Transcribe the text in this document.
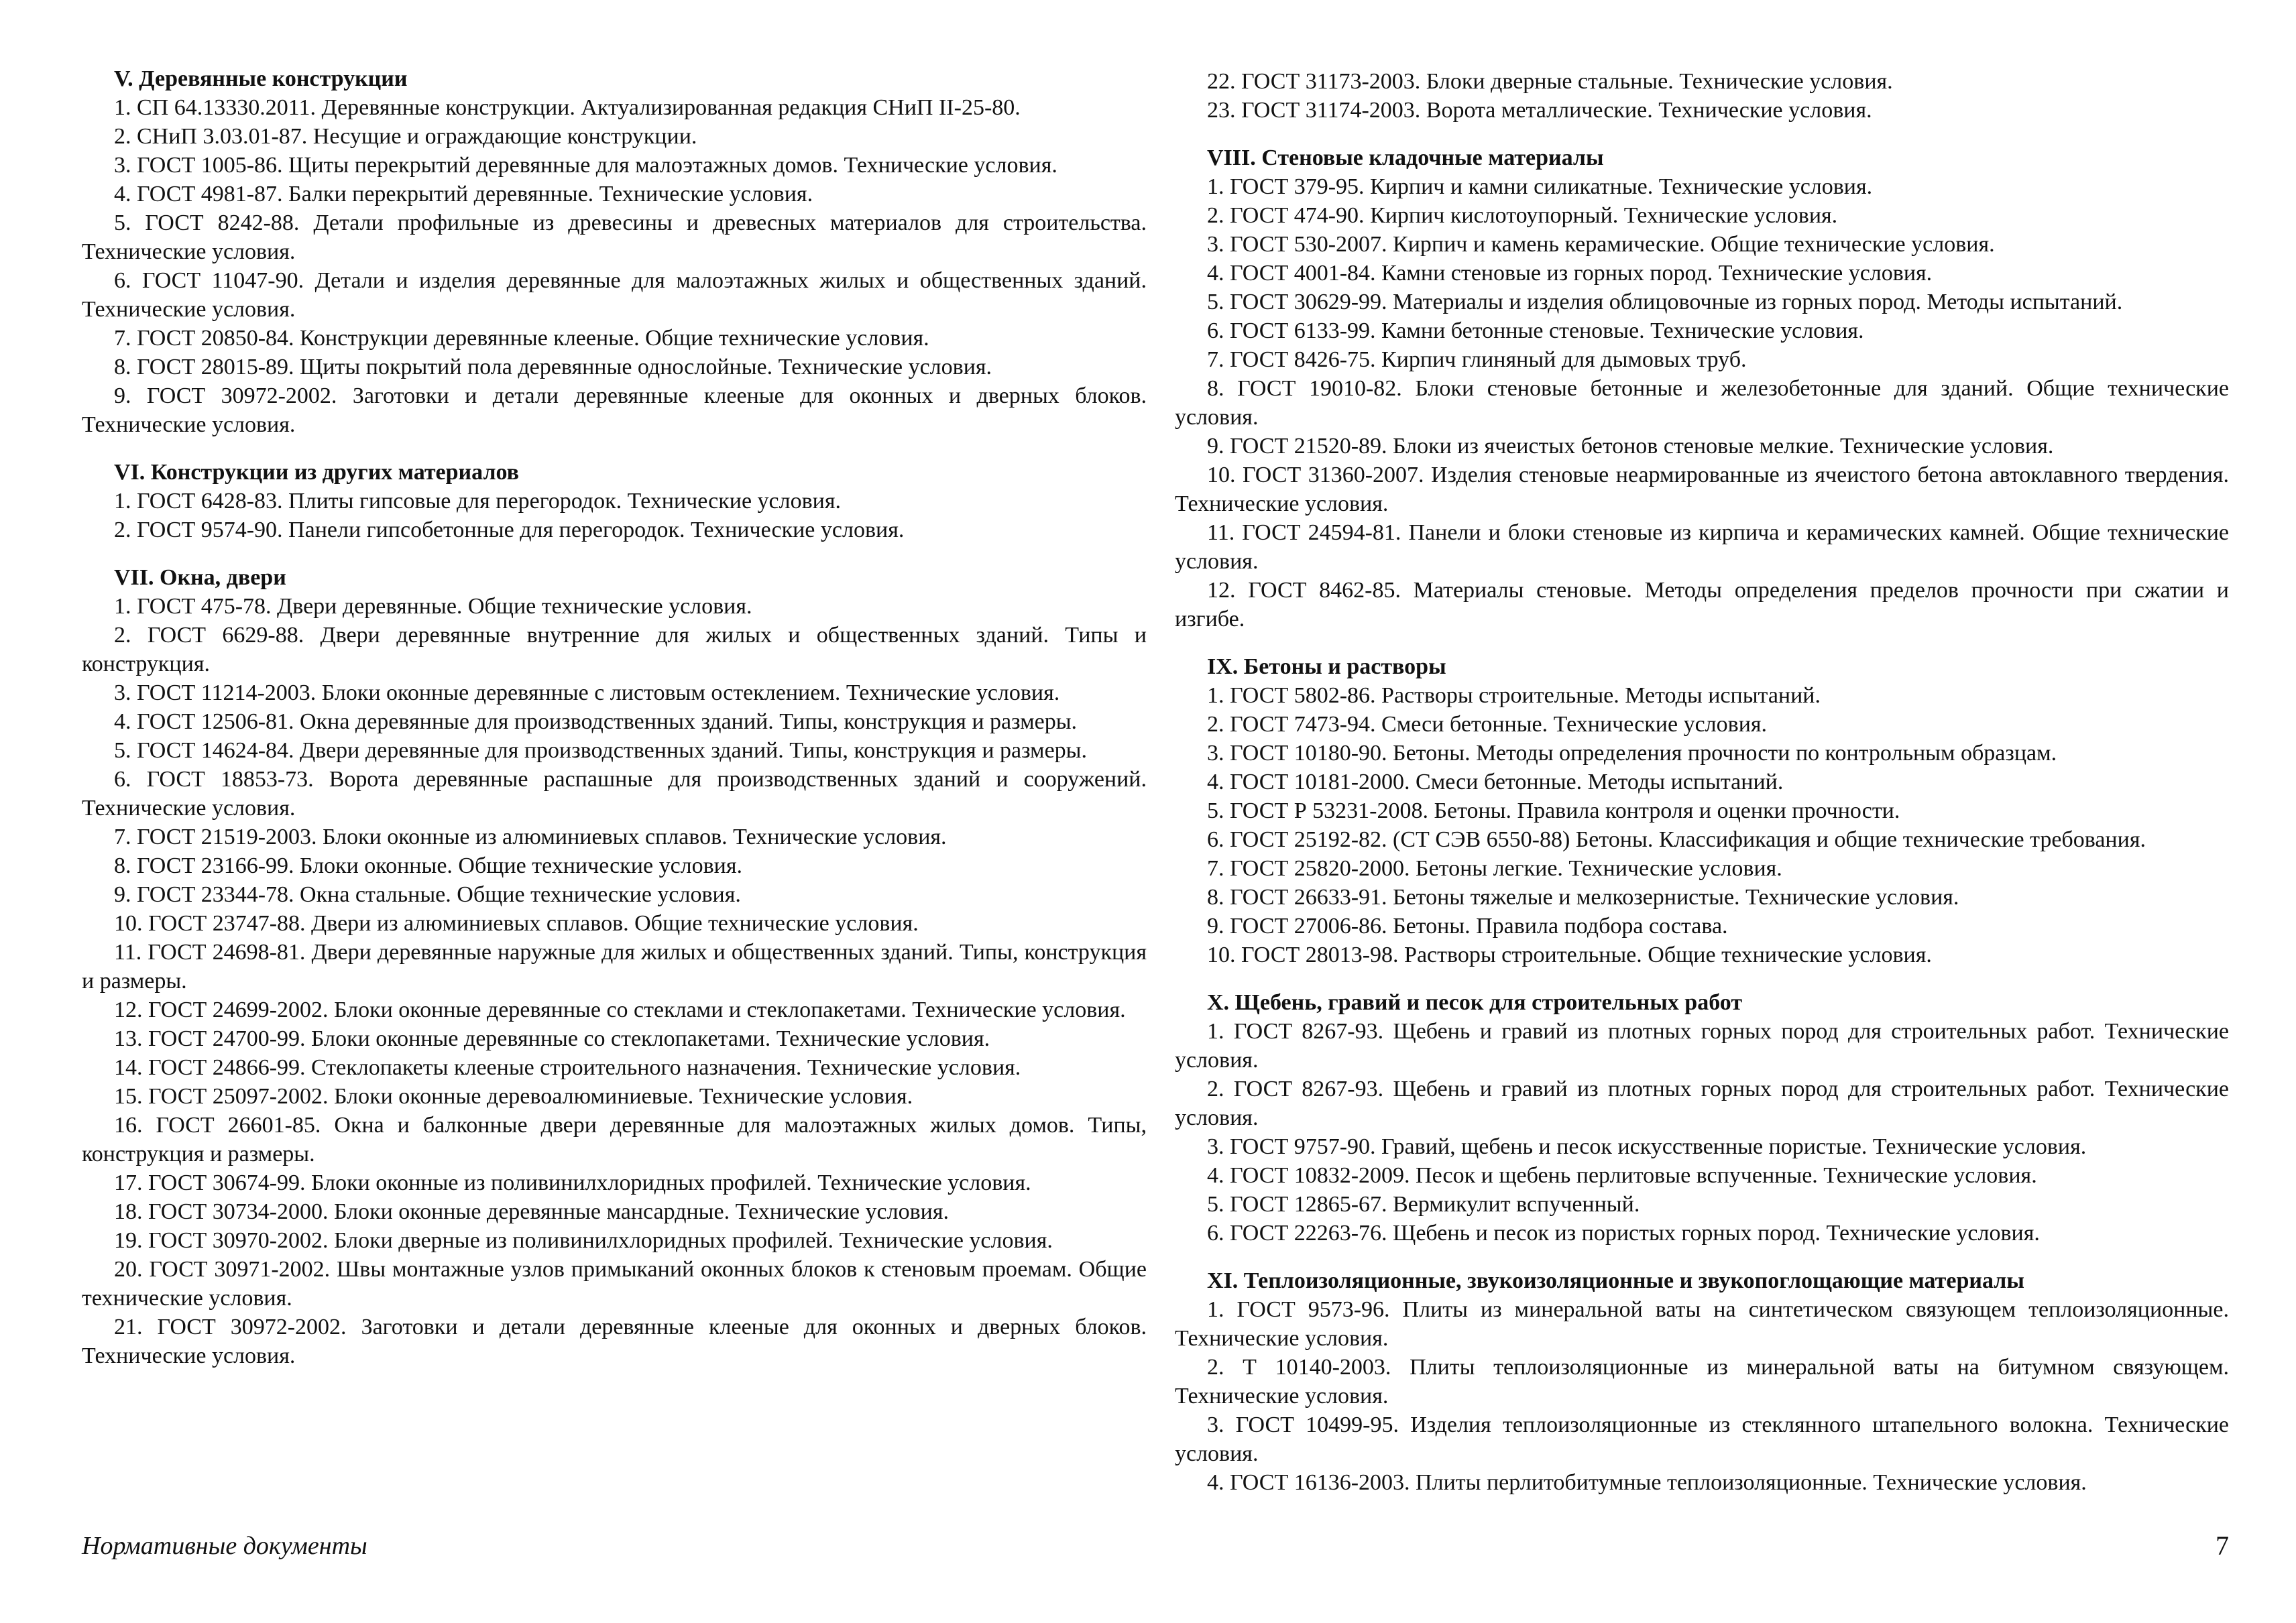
V. Деревянные конструкции

1. СП 64.13330.2011. Деревянные конструкции. Актуализированная редакция СНиП II-25-80.

2. СНиП 3.03.01-87. Несущие и ограждающие конструкции.

3. ГОСТ 1005-86. Щиты перекрытий деревянные для малоэтажных домов. Технические условия.

4. ГОСТ 4981-87. Балки перекрытий деревянные. Технические условия.

5. ГОСТ 8242-88. Детали профильные из древесины и древесных материалов для строительства. Технические условия.

6. ГОСТ 11047-90. Детали и изделия деревянные для малоэтажных жилых и общественных зданий. Технические условия.

7. ГОСТ 20850-84. Конструкции деревянные клееные. Общие технические условия.

8. ГОСТ 28015-89. Щиты покрытий пола деревянные однослойные. Технические условия.

9. ГОСТ 30972-2002. Заготовки и детали деревянные клееные для оконных и дверных блоков. Технические условия.

VI. Конструкции из других материалов

1. ГОСТ 6428-83. Плиты гипсовые для перегородок. Технические условия.

2. ГОСТ 9574-90. Панели гипсобетонные для перегородок. Технические условия.

VII. Окна, двери

1. ГОСТ 475-78. Двери деревянные. Общие технические условия.

2. ГОСТ 6629-88. Двери деревянные внутренние для жилых и общественных зданий. Типы и конструкция.

3. ГОСТ 11214-2003. Блоки оконные деревянные с листовым остеклением. Технические условия.

4. ГОСТ 12506-81. Окна деревянные для производственных зданий. Типы, конструкция и размеры.

5. ГОСТ 14624-84. Двери деревянные для производственных зданий. Типы, конструкция и размеры.

6. ГОСТ 18853-73. Ворота деревянные распашные для производственных зданий и сооружений. Технические условия.

7. ГОСТ 21519-2003. Блоки оконные из алюминиевых сплавов. Технические условия.

8. ГОСТ 23166-99. Блоки оконные. Общие технические условия.

9. ГОСТ 23344-78. Окна стальные. Общие технические условия.

10. ГОСТ 23747-88. Двери из алюминиевых сплавов. Общие технические условия.

11. ГОСТ 24698-81. Двери деревянные наружные для жилых и общественных зданий. Типы, конструкция и размеры.

12. ГОСТ 24699-2002. Блоки оконные деревянные со стеклами и стеклопакетами. Технические условия.

13. ГОСТ 24700-99. Блоки оконные деревянные со стеклопакетами. Технические условия.

14. ГОСТ 24866-99. Стеклопакеты клееные строительного назначения. Технические условия.

15. ГОСТ 25097-2002. Блоки оконные деревоалюминиевые. Технические условия.

16. ГОСТ 26601-85. Окна и балконные двери деревянные для малоэтажных жилых домов. Типы, конструкция и размеры.

17. ГОСТ 30674-99. Блоки оконные из поливинилхлоридных профилей. Технические условия.

18. ГОСТ 30734-2000. Блоки оконные деревянные мансардные. Технические условия.

19. ГОСТ 30970-2002. Блоки дверные из поливинилхлоридных профилей. Технические условия.

20. ГОСТ 30971-2002. Швы монтажные узлов примыканий оконных блоков к стеновым проемам. Общие технические условия.

21. ГОСТ 30972-2002. Заготовки и детали деревянные клееные для оконных и дверных блоков. Технические условия.

22. ГОСТ 31173-2003. Блоки дверные стальные. Технические условия.

23. ГОСТ 31174-2003. Ворота металлические. Технические условия.

VIII. Стеновые кладочные материалы

1. ГОСТ 379-95. Кирпич и камни силикатные. Технические условия.

2. ГОСТ 474-90. Кирпич кислотоупорный. Технические условия.

3. ГОСТ 530-2007. Кирпич и камень керамические. Общие технические условия.

4. ГОСТ 4001-84. Камни стеновые из горных пород. Технические условия.

5. ГОСТ 30629-99. Материалы и изделия облицовочные из горных пород. Методы испытаний.

6. ГОСТ 6133-99. Камни бетонные стеновые. Технические условия.

7. ГОСТ 8426-75. Кирпич глиняный для дымовых труб.

8. ГОСТ 19010-82. Блоки стеновые бетонные и железобетонные для зданий. Общие технические условия.

9. ГОСТ 21520-89. Блоки из ячеистых бетонов стеновые мелкие. Технические условия.

10. ГОСТ 31360-2007. Изделия стеновые неармированные из ячеистого бетона автоклавного твердения. Технические условия.

11. ГОСТ 24594-81. Панели и блоки стеновые из кирпича и керамических камней. Общие технические условия.

12. ГОСТ 8462-85. Материалы стеновые. Методы определения пределов прочности при сжатии и изгибе.

IX. Бетоны и растворы

1. ГОСТ 5802-86. Растворы строительные. Методы испытаний.

2. ГОСТ 7473-94. Смеси бетонные. Технические условия.

3. ГОСТ 10180-90. Бетоны. Методы определения прочности по контрольным образцам.

4. ГОСТ 10181-2000. Смеси бетонные. Методы испытаний.

5. ГОСТ Р 53231-2008. Бетоны. Правила контроля и оценки прочности.

6. ГОСТ 25192-82. (СТ СЭВ 6550-88) Бетоны. Классификация и общие технические требования.

7. ГОСТ 25820-2000. Бетоны легкие. Технические условия.

8. ГОСТ 26633-91. Бетоны тяжелые и мелкозернистые. Технические условия.

9. ГОСТ 27006-86. Бетоны. Правила подбора состава.

10. ГОСТ 28013-98. Растворы строительные. Общие технические условия.

X. Щебень, гравий и песок для строительных работ

1. ГОСТ 8267-93. Щебень и гравий из плотных горных пород для строительных работ. Технические условия.

2. ГОСТ 8267-93. Щебень и гравий из плотных горных пород для строительных работ. Технические условия.

3. ГОСТ 9757-90. Гравий, щебень и песок искусственные пористые. Технические условия.

4. ГОСТ 10832-2009. Песок и щебень перлитовые вспученные. Технические условия.

5. ГОСТ 12865-67. Вермикулит вспученный.

6. ГОСТ 22263-76. Щебень и песок из пористых горных пород. Технические условия.

XI. Теплоизоляционные, звукоизоляционные и звукопоглощающие материалы

1. ГОСТ 9573-96. Плиты из минеральной ваты на синтетическом связующем теплоизоляционные. Технические условия.

2. Т 10140-2003. Плиты теплоизоляционные из минеральной ваты на битумном связующем. Технические условия.

3. ГОСТ 10499-95. Изделия теплоизоляционные из стеклянного штапельного волокна. Технические условия.

4. ГОСТ 16136-2003. Плиты перлитобитумные теплоизоляционные. Технические условия.

Нормативные документы	7
